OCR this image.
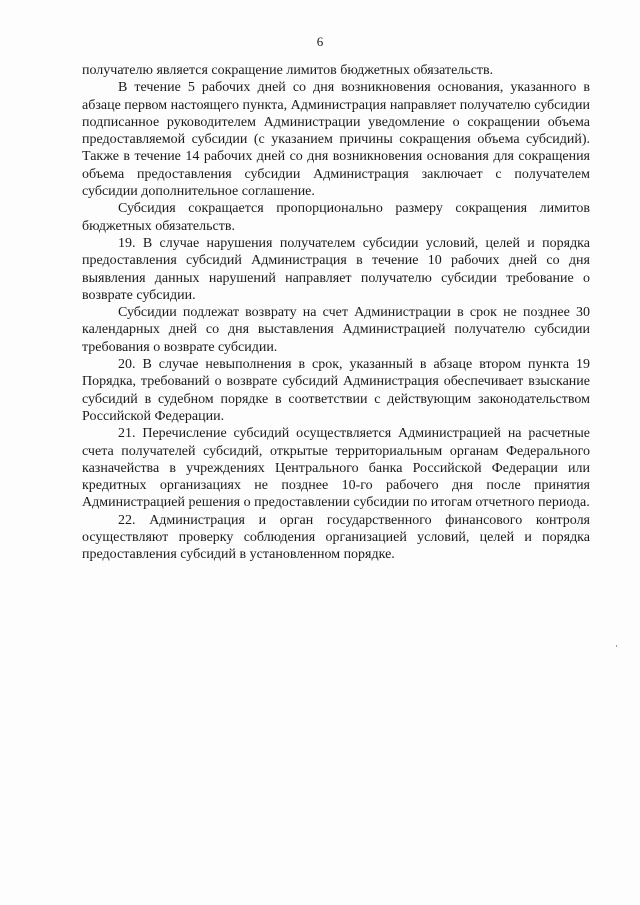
6

получателю является сокращение лимитов бюджетных обязательств.

В течение 5 рабочих дней со дня возникновения основания, указанного в абзаце первом настоящего пункта, Администрация направляет получателю субсидии подписанное руководителем Администрации уведомление о сокращении объема предоставляемой субсидии (с указанием причины сокращения объема субсидий). Также в течение 14 рабочих дней со дня возникновения основания для сокращения объема предоставления субсидии Администрация заключает с получателем субсидии дополнительное соглашение.

Субсидия сокращается пропорционально размеру сокращения лимитов бюджетных обязательств.

19. В случае нарушения получателем субсидии условий, целей и порядка предоставления субсидий Администрация в течение 10 рабочих дней со дня выявления данных нарушений направляет получателю субсидии требование о возврате субсидии.

Субсидии подлежат возврату на счет Администрации в срок не позднее 30 календарных дней со дня выставления Администрацией получателю субсидии требования о возврате субсидии.

20. В случае невыполнения в срок, указанный в абзаце втором пункта 19 Порядка, требований о возврате субсидий Администрация обеспечивает взыскание субсидий в судебном порядке в соответствии с действующим законодательством Российской Федерации.

21. Перечисление субсидий осуществляется Администрацией на расчетные счета получателей субсидий, открытые территориальным органам Федерального казначейства в учреждениях Центрального банка Российской Федерации или кредитных организациях не позднее 10-го рабочего дня после принятия Администрацией решения о предоставлении субсидии по итогам отчетного периода.

22. Администрация и орган государственного финансового контроля осуществляют проверку соблюдения организацией условий, целей и порядка предоставления субсидий в установленном порядке.
